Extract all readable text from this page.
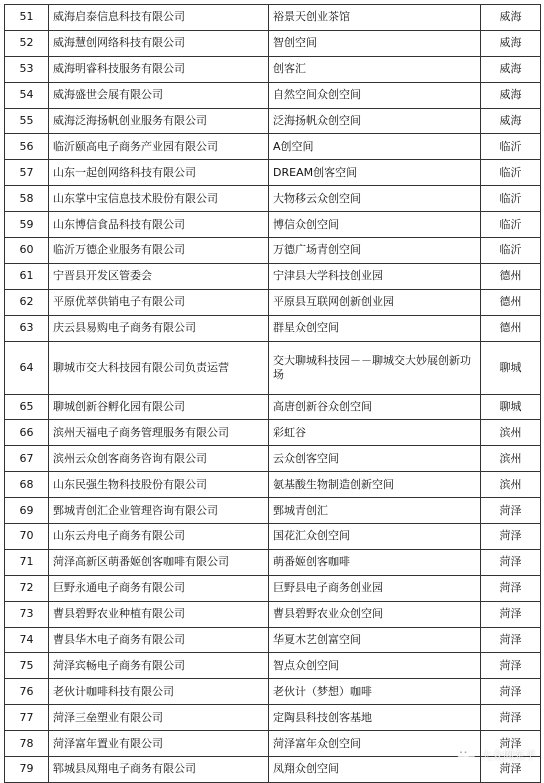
51	威海启泰信息科技有限公司	裕景天创业茶馆	威海
52	威海慧创网络科技有限公司	智创空间	威海
53	威海明睿科技服务有限公司	创客汇	威海
54	威海盛世会展有限公司	自然空间众创空间	威海
55	威海泛海扬帆创业服务有限公司	泛海扬帆众创空间	威海
56	临沂颐高电子商务产业园有限公司	A创空间	临沂
57	山东一起创网络科技有限公司	DREAM创客空间	临沂
58	山东掌中宝信息技术股份有限公司	大物移云众创空间	临沂
59	山东博信食品科技有限公司	博信众创空间	临沂
60	临沂万德企业服务有限公司	万德广场青创空间	临沂
61	宁晋县开发区管委会	宁津县大学科技创业园	德州
62	平原优萃供销电子有限公司	平原县互联网创新创业园	德州
63	庆云县易购电子商务有限公司	群星众创空间	德州
64	聊城市交大科技园有限公司负责运营	交大聊城科技园－－聊城交大妙展创新功场	聊城
65	聊城创新谷孵化园有限公司	高唐创新谷众创空间	聊城
66	滨州天福电子商务管理服务有限公司	彩虹谷	滨州
67	滨州云众创客商务咨询有限公司	云众创客空间	滨州
68	山东民强生物科技股份有限公司	氨基酸生物制造创新空间	滨州
69	鄄城青创汇企业管理咨询有限公司	鄄城青创汇	菏泽
70	山东云舟电子商务有限公司	国花汇众创空间	菏泽
71	菏泽高新区萌番姬创客咖啡有限公司	萌番姬创客咖啡	菏泽
72	巨野永通电子商务有限公司	巨野县电子商务创业园	菏泽
73	曹县碧野农业种植有限公司	曹县碧野农业众创空间	菏泽
74	曹县华木电子商务有限公司	华夏木艺创富空间	菏泽
75	菏泽宾畅电子商务有限公司	智点众创空间	菏泽
76	老伙计咖啡科技有限公司	老伙计（梦想）咖啡	菏泽
77	菏泽三垒塑业有限公司	定陶县科技创客基地	菏泽
78	菏泽富年置业有限公司	菏泽富年众创空间	菏泽
79	郓城县凤翔电子商务有限公司	凤翔众创空间	菏泽
大众网东平
